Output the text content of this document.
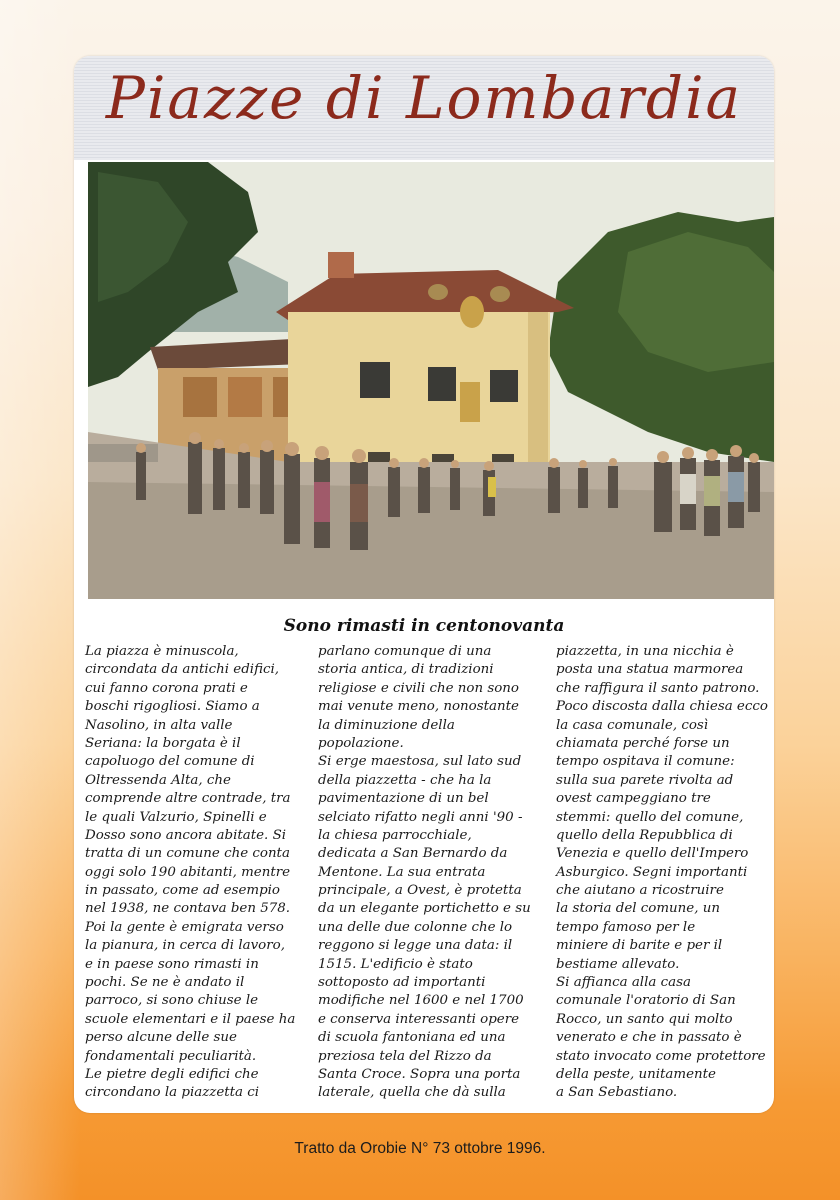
Piazze di Lombardia
FOTO TITO TERZI	Sono rimasti in centonovanta
La piazza è minuscola,
circondata da antichi edifici,
cui fanno corona prati e
boschi rigogliosi. Siamo a
Nasolino, in alta valle
Seriana: la borgata è il
capoluogo del comune di
Oltressenda Alta, che
comprende altre contrade, tra
le quali Valzurio, Spinelli e
Dosso sono ancora abitate. Si
tratta di un comune che conta
oggi solo 190 abitanti, mentre
in passato, come ad esempio
nel 1938, ne contava ben 578.
Poi la gente è emigrata verso
la pianura, in cerca di lavoro,
e in paese sono rimasti in
pochi. Se ne è andato il
parroco, si sono chiuse le
scuole elementari e il paese ha
perso alcune delle sue
fondamentali peculiarità.
Le pietre degli edifici che
circondano la piazzetta ci
parlano comunque di una
storia antica, di tradizioni
religiose e civili che non sono
mai venute meno, nonostante
la diminuzione della
popolazione.
Si erge maestosa, sul lato sud
della piazzetta - che ha la
pavimentazione di un bel
selciato rifatto negli anni '90 -
la chiesa parrocchiale,
dedicata a San Bernardo da
Mentone. La sua entrata
principale, a Ovest, è protetta
da un elegante portichetto e su
una delle due colonne che lo
reggono si legge una data: il
1515. L'edificio è stato
sottoposto ad importanti
modifiche nel 1600 e nel 1700
e conserva interessanti opere
di scuola fantoniana ed una
preziosa tela del Rizzo da
Santa Croce. Sopra una porta
laterale, quella che dà sulla
piazzetta, in una nicchia è
posta una statua marmorea
che raffigura il santo patrono.
Poco discosta dalla chiesa ecco
la casa comunale, così
chiamata perché forse un
tempo ospitava il comune:
sulla sua parete rivolta ad
ovest campeggiano tre
stemmi: quello del comune,
quello della Repubblica di
Venezia e quello dell'Impero
Asburgico. Segni importanti
che aiutano a ricostruire
la storia del comune, un
tempo famoso per le
miniere di barite e per il
bestiame allevato.
Si affianca alla casa
comunale l'oratorio di San
Rocco, un santo qui molto
venerato e che in passato è
stato invocato come protettore
della peste, unitamente
a San Sebastiano.
Tratto da Orobie N° 73 ottobre 1996.
